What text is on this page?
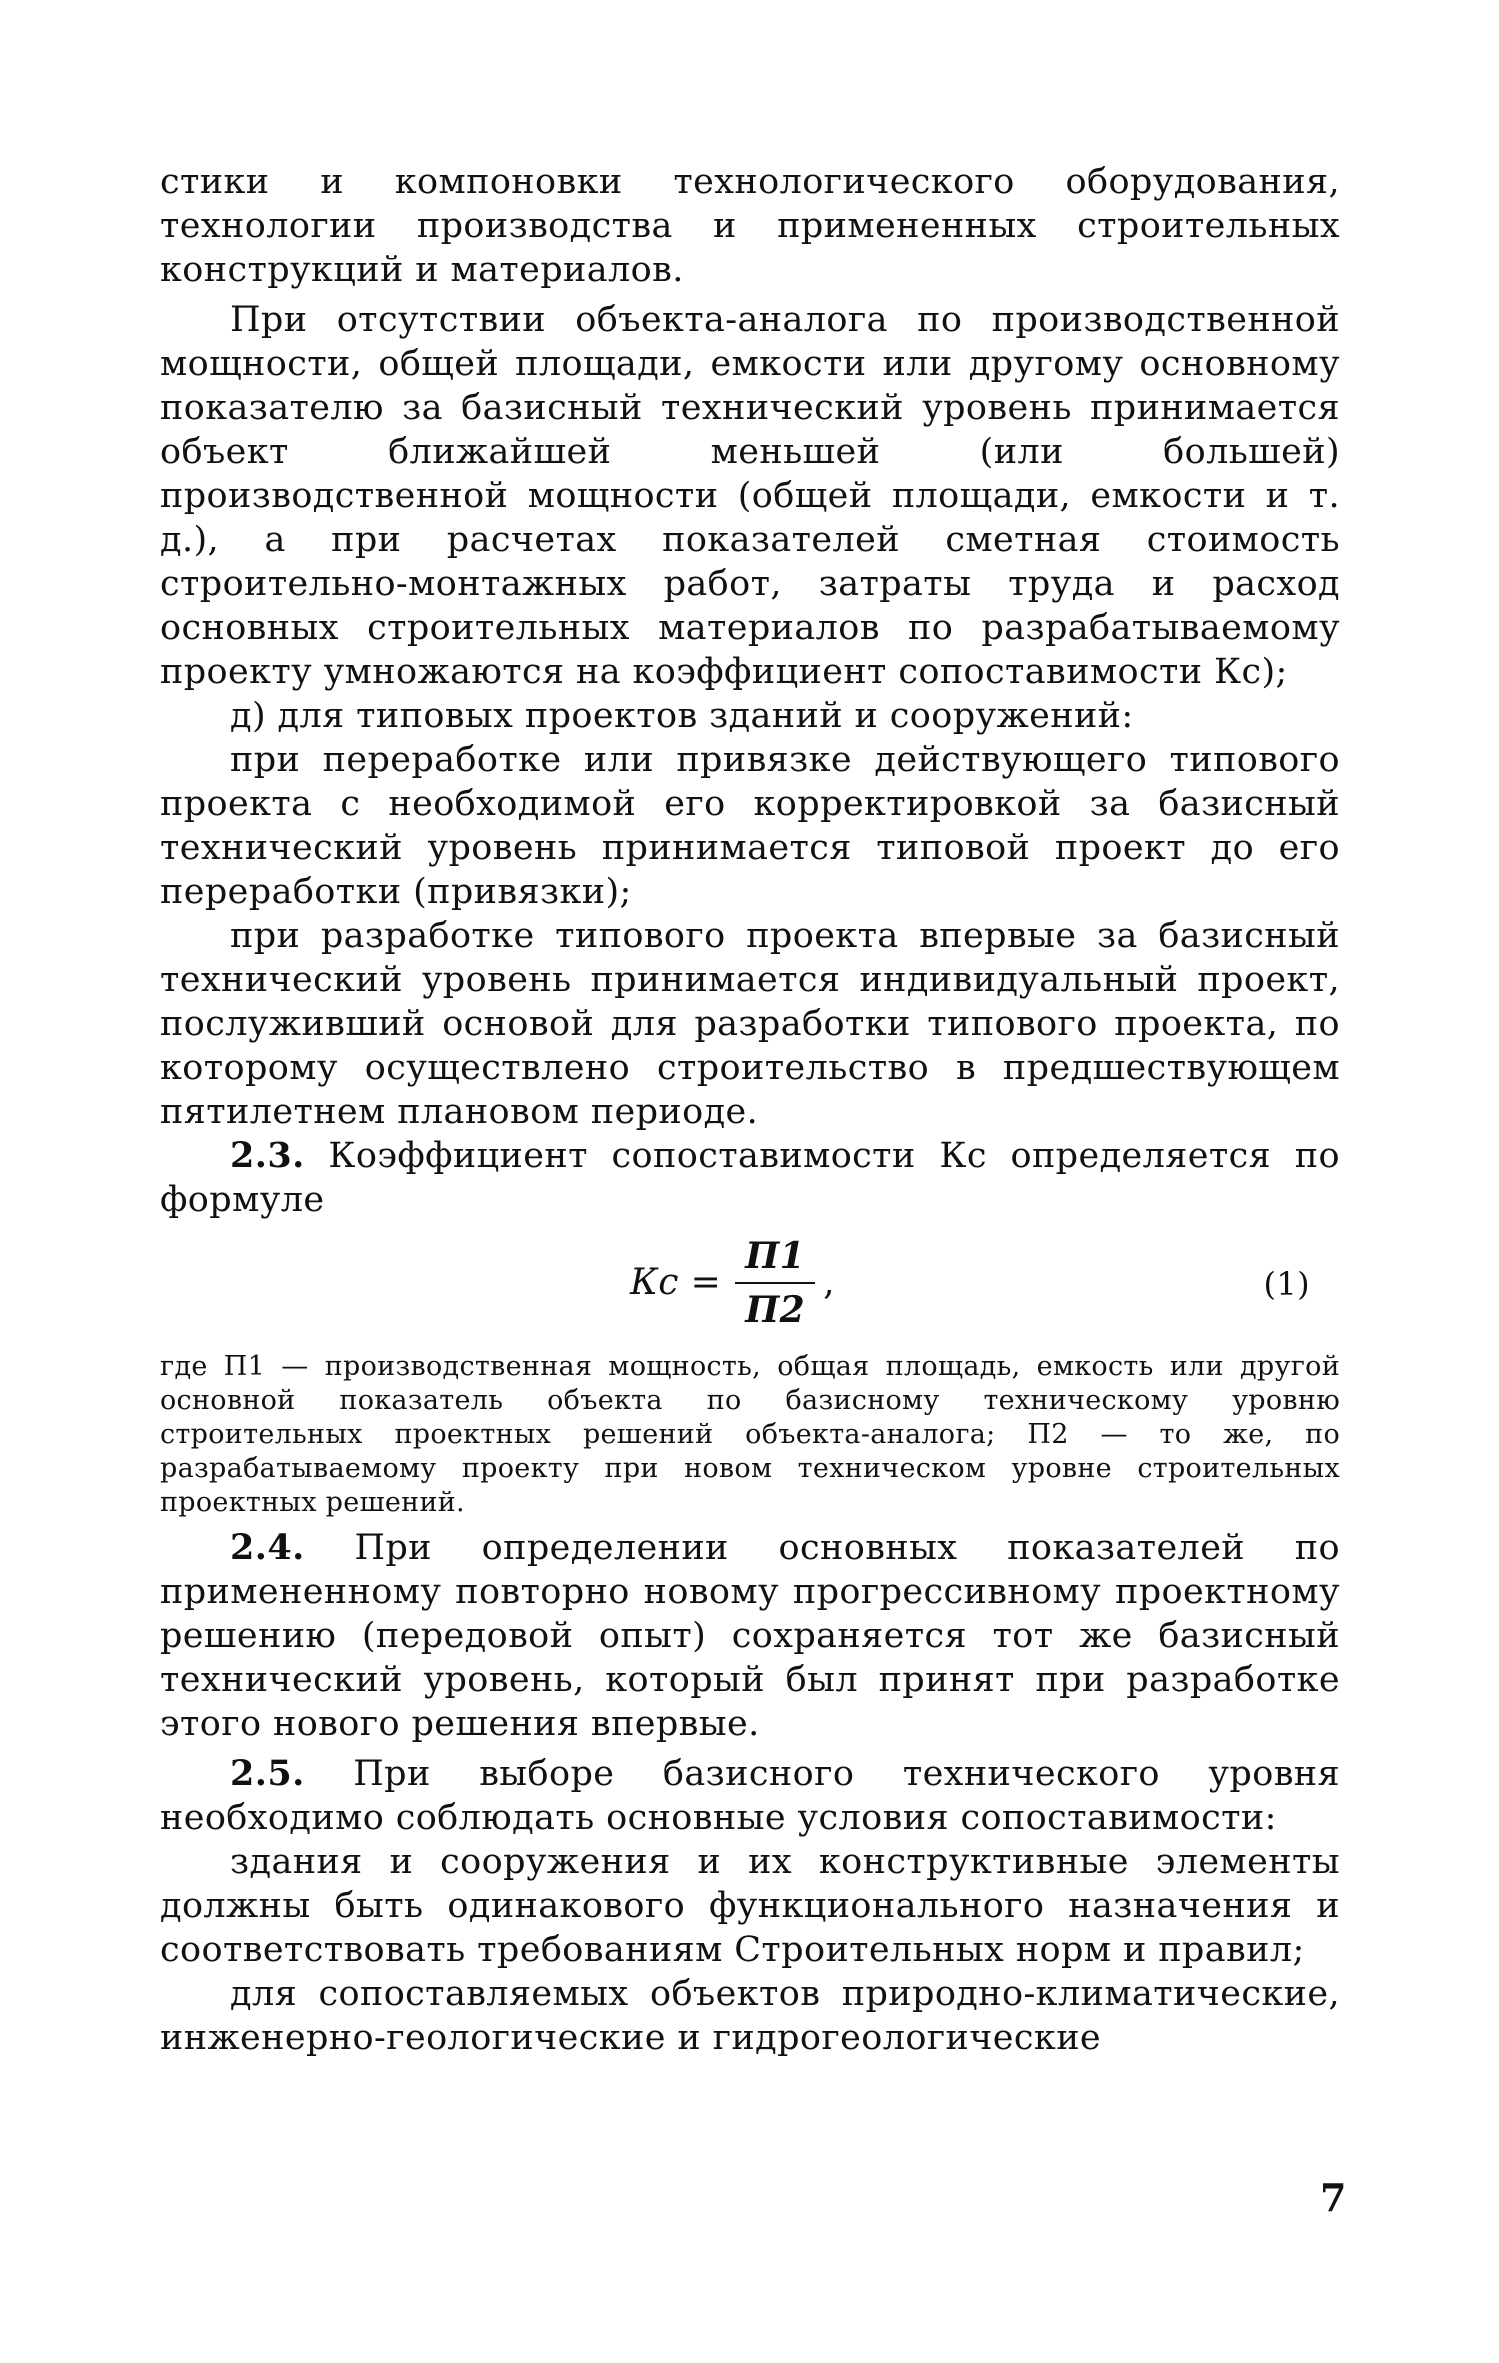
стики и компоновки технологического оборудования, технологии производства и примененных строительных конструкций и материалов.

При отсутствии объекта-аналога по производственной мощности, общей площади, емкости или другому основному показателю за базисный технический уровень принимается объект ближайшей меньшей (или большей) производственной мощности (общей площади, емкости и т. д.), а при расчетах показателей сметная стоимость строительно-монтажных работ, затраты труда и расход основных строительных материалов по разрабатываемому проекту умножаются на коэффициент сопоставимости Кс);

д) для типовых проектов зданий и сооружений:

при переработке или привязке действующего типового проекта с необходимой его корректировкой за базисный технический уровень принимается типовой проект до его переработки (привязки);

при разработке типового проекта впервые за базисный технический уровень принимается индивидуальный проект, послуживший основой для разработки типового проекта, по которому осуществлено строительство в предшествующем пятилетнем плановом периоде.

2.3. Коэффициент сопоставимости Кс определяется по формуле

Кс = $\frac{П1}{П2}$ ,	(1)

где П1 — производственная мощность, общая площадь, емкость или другой основной показатель объекта по базисному техническому уровню строительных проектных решений объекта-аналога; П2 — то же, по разрабатываемому проекту при новом техническом уровне строительных проектных решений.

2.4. При определении основных показателей по примененному повторно новому прогрессивному проектному решению (передовой опыт) сохраняется тот же базисный технический уровень, который был принят при разработке этого нового решения впервые.

2.5. При выборе базисного технического уровня необходимо соблюдать основные условия сопоставимости:

здания и сооружения и их конструктивные элементы должны быть одинакового функционального назначения и соответствовать требованиям Строительных норм и правил;

для сопоставляемых объектов природно-климатические, инженерно-геологические и гидрогеологические

7
